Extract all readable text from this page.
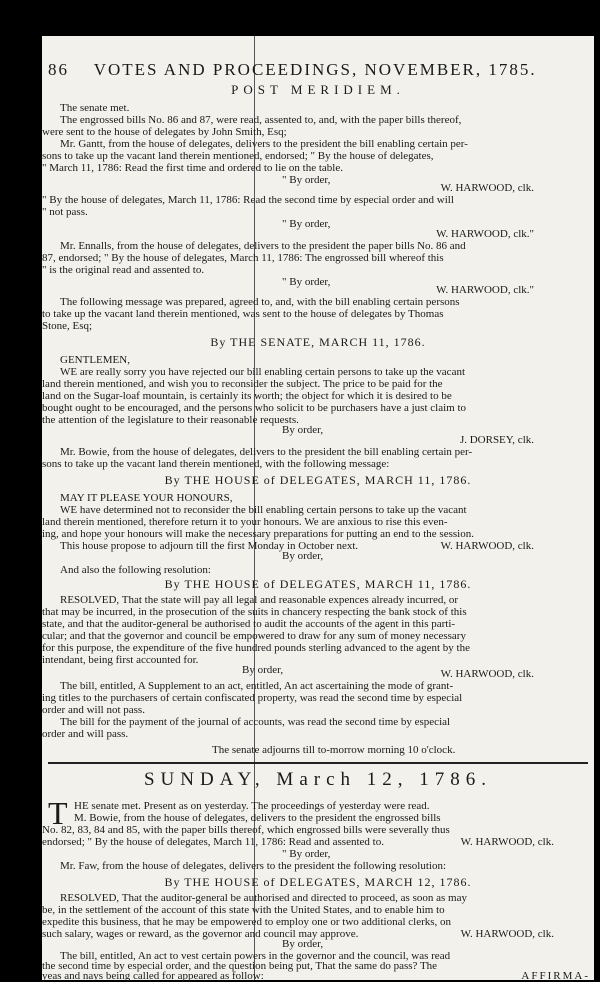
86 VOTES AND PROCEEDINGS, NOVEMBER, 1785.
POST MERIDIEM.
The senate met.
The engrossed bills No. 86 and 87, were read, assented to, and, with the paper bills thereof,
were sent to the house of delegates by John Smith, Esq;
Mr. Gantt, from the house of delegates, delivers to the president the bill enabling certain per-
sons to take up the vacant land therein mentioned, endorsed; " By the house of delegates,
" March 11, 1786: Read the first time and ordered to lie on the table.
" By order,
W. HARWOOD, clk.
" By the house of delegates, March 11, 1786: Read the second time by especial order and will
" not pass.
" By order,
W. HARWOOD, clk."
Mr. Ennalls, from the house of delegates, delivers to the president the paper bills No. 86 and
87, endorsed; " By the house of delegates, March 11, 1786: The engrossed bill whereof this
" is the original read and assented to.
" By order,
W. HARWOOD, clk."
The following message was prepared, agreed to, and, with the bill enabling certain persons
to take up the vacant land therein mentioned, was sent to the house of delegates by Thomas
Stone, Esq;
By THE SENATE, MARCH 11, 1786.
GENTLEMEN,
WE are really sorry you have rejected our bill enabling certain persons to take up the vacant
land therein mentioned, and wish you to reconsider the subject. The price to be paid for the
land on the Sugar-loaf mountain, is certainly its worth; the object for which it is desired to be
bought ought to be encouraged, and the persons who solicit to be purchasers have a just claim to
the attention of the legislature to their reasonable requests.
By order,
J. DORSEY, clk.
Mr. Bowie, from the house of delegates, delivers to the president the bill enabling certain per-
sons to take up the vacant land therein mentioned, with the following message:
By THE HOUSE of DELEGATES, MARCH 11, 1786.
MAY IT PLEASE YOUR HONOURS,
WE have determined not to reconsider the bill enabling certain persons to take up the vacant
land therein mentioned, therefore return it to your honours. We are anxious to rise this even-
ing, and hope your honours will make the necessary preparations for putting an end to the session.
This house propose to adjourn till the first Monday in October next.
By order,
W. HARWOOD, clk.
And also the following resolution:
By THE HOUSE of DELEGATES, MARCH 11, 1786.
RESOLVED, That the state will pay all legal and reasonable expences already incurred, or
that may be incurred, in the prosecution of the suits in chancery respecting the bank stock of this
state, and that the auditor-general be authorised to audit the accounts of the agent in this parti-
cular; and that the governor and council be empowered to draw for any sum of money necessary
for this purpose, the expenditure of the five hundred pounds sterling advanced to the agent by the
intendant, being first accounted for.
By order,	W. HARWOOD, clk.
The bill, entitled, A Supplement to an act, entitled, An act ascertaining the mode of grant-
ing titles to the purchasers of certain confiscated property, was read the second time by especial
order and will not pass.
The bill for the payment of the journal of accounts, was read the second time by especial
order and will pass.
The senate adjourns till to-morrow morning 10 o'clock.
SUNDAY, March 12, 1786.
T HE senate met. Present as on yesterday. The proceedings of yesterday were read.
M. Bowie, from the house of delegates, delivers to the president the engrossed bills
No. 82, 83, 84 and 85, with the paper bills thereof, which engrossed bills were severally thus
endorsed; " By the house of delegates, March 11, 1786: Read and assented to.	W. HARWOOD, clk.
" By order,
Mr. Faw, from the house of delegates, delivers to the president the following resolution:
By THE HOUSE of DELEGATES, MARCH 12, 1786.
RESOLVED, That the auditor-general be authorised and directed to proceed, as soon as may
be, in the settlement of the account of this state with the United States, and to enable him to
expedite this business, that he may be empowered to employ one or two additional clerks, on
such salary, wages or reward, as the governor and council may approve.	W. HARWOOD, clk.
By order,
The bill, entitled, An act to vest certain powers in the governor and the council, was read
the second time by especial order, and the question being put, That the same do pass? The
yeas and nays being called for appeared as follow:	AFFIRMA-
